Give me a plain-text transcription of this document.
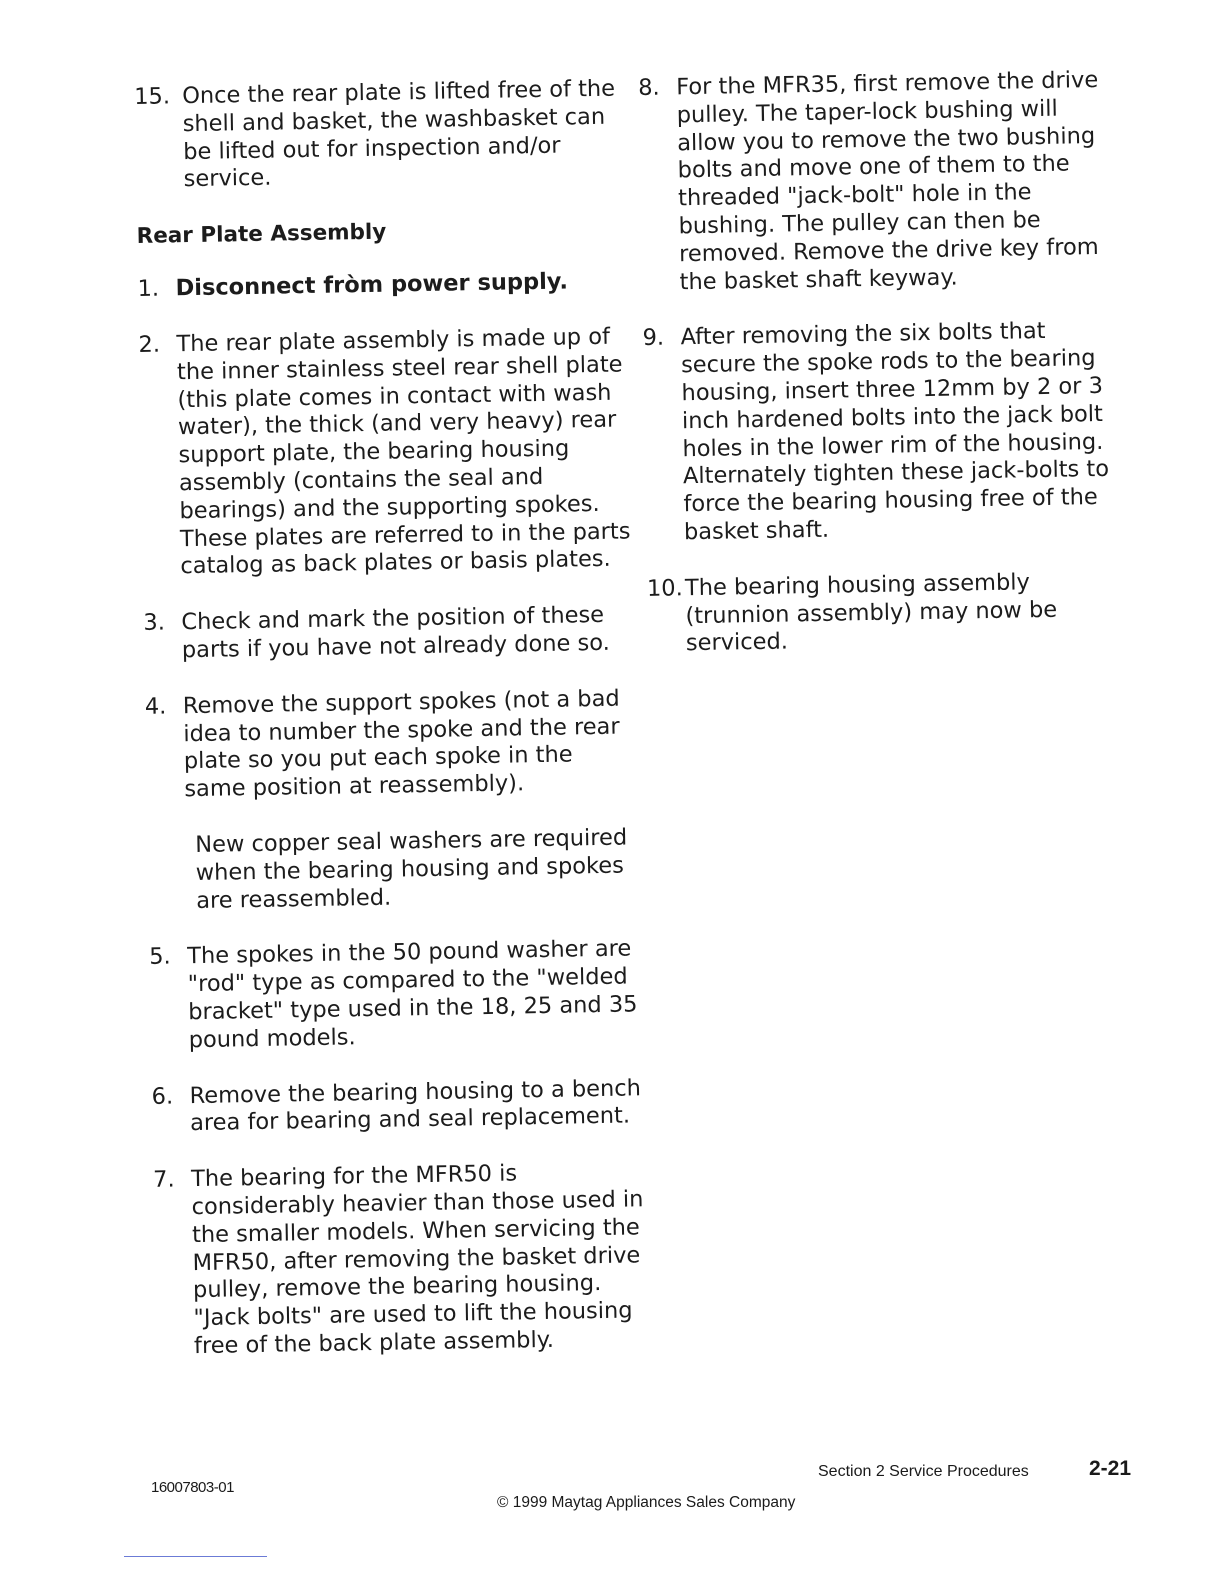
15. Once the rear plate is lifted free of the shell and basket, the washbasket can be lifted out for inspection and/or service.
Rear Plate Assembly
1. Disconnect fròm power supply.
2. The rear plate assembly is made up of the inner stainless steel rear shell plate (this plate comes in contact with wash water), the thick (and very heavy) rear support plate, the bearing housing assembly (contains the seal and bearings) and the supporting spokes. These plates are referred to in the parts catalog as back plates or basis plates.
3. Check and mark the position of these parts if you have not already done so.
4. Remove the support spokes (not a bad idea to number the spoke and the rear plate so you put each spoke in the same position at reassembly).
New copper seal washers are required when the bearing housing and spokes are reassembled.
5. The spokes in the 50 pound washer are "rod" type as compared to the "welded bracket" type used in the 18, 25 and 35 pound models.
6. Remove the bearing housing to a bench area for bearing and seal replacement.
7. The bearing for the MFR50 is considerably heavier than those used in the smaller models. When servicing the MFR50, after removing the basket drive pulley, remove the bearing housing. "Jack bolts" are used to lift the housing free of the back plate assembly.
8. For the MFR35, first remove the drive pulley. The taper-lock bushing will allow you to remove the two bushing bolts and move one of them to the threaded "jack-bolt" hole in the bushing. The pulley can then be removed. Remove the drive key from the basket shaft keyway.
9. After removing the six bolts that secure the spoke rods to the bearing housing, insert three 12mm by 2 or 3 inch hardened bolts into the jack bolt holes in the lower rim of the housing. Alternately tighten these jack-bolts to force the bearing housing free of the basket shaft.
10. The bearing housing assembly (trunnion assembly) may now be serviced.
16007803-01
© 1999 Maytag Appliances Sales Company
Section 2 Service Procedures	2-21
